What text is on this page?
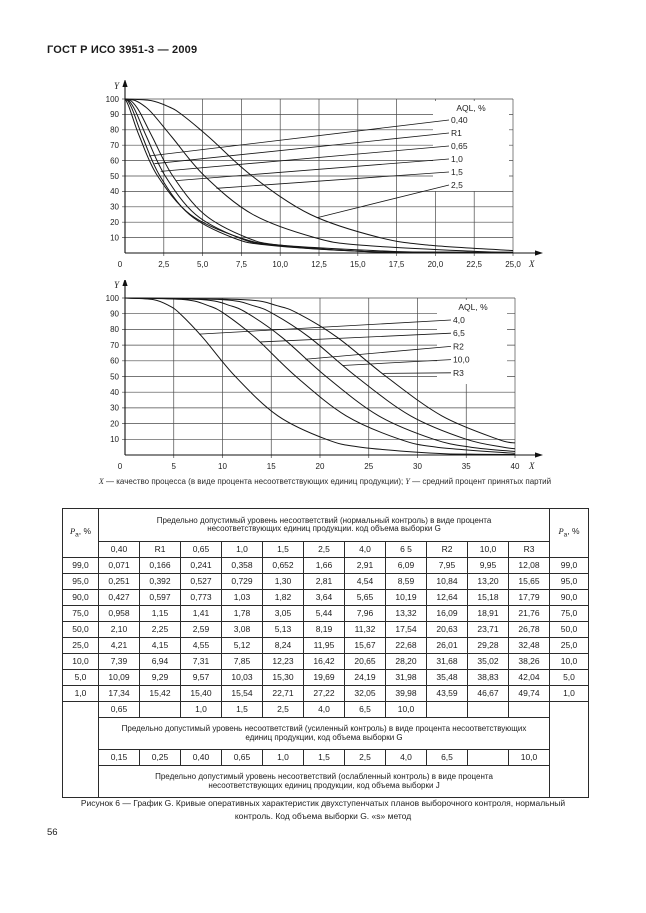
ГОСТ Р ИСО 3951-3 — 2009
0,40
R1
0,65
1,0
1,5
2,5
AQL, %
0	2,5	5,0	7,5	10,0	12,5	15,0	17,5	20,0	22,5	25,0
10
20
30
40
50
60
70
80
90
100
Y
X
4,0
6,5
R2
10,0
R3
AQL, %
0	5	10	15	20	25	30	35	40
10
20
30
40
50
60
70
80
90
100
Y
X
X — качество процесса (в виде процента несоответствующих единиц продукции); Y — средний процент принятых партий
$P_a$, %	Предельно допустимый уровень несоответствий (нормальный контроль) в виде процента несоответствующих единиц продукции. код объема выборки G											$P_a$, %
	0,40	R1	0,65	1,0	1,5	2,5	4,0	6 5	R2	10,0	R3	
99,0	0,071	0,166	0,241	0,358	0,652	1,66	2,91	6,09	7,95	9,95	12,08	99,0
95,0	0,251	0,392	0,527	0,729	1,30	2,81	4,54	8,59	10,84	13,20	15,65	95,0
90,0	0,427	0,597	0,773	1,03	1,82	3,64	5,65	10,19	12,64	15,18	17,79	90,0
75,0	0,958	1,15	1,41	1,78	3,05	5,44	7,96	13,32	16,09	18,91	21,76	75,0
50,0	2,10	2,25	2,59	3,08	5,13	8,19	11,32	17,54	20,63	23,71	26,78	50,0
25,0	4,21	4,15	4,55	5,12	8,24	11,95	15,67	22,68	26,01	29,28	32,48	25,0
10,0	7,39	6,94	7,31	7,85	12,23	16,42	20,65	28,20	31,68	35,02	38,26	10,0
5,0	10,09	9,29	9,57	10,03	15,30	19,69	24,19	31,98	35,48	38,83	42,04	5,0
1,0	17,34	15,42	15,40	15,54	22,71	27,22	32,05	39,98	43,59	46,67	49,74	1,0
	0,65		1,0	1,5	2,5	4,0	6,5	10,0				
	Предельно допустимый уровень несоответствий (усиленный контроль) в виде процента несоответствующих единиц продукции, код объема выборки G											
	0,15	0,25	0,40	0,65	1,0	1,5	2,5	4,0	6,5		10,0	
	Предельно допустимый уровень несоответствий (ослабленный контроль) в виде процента несоответствующих единиц продукции, код объема выборки J											
Рисунок 6 — График G. Кривые оперативных характеристик двухступенчатых планов выборочного контроля, нормальный контроль. Код объема выборки G. «s» метод
56
